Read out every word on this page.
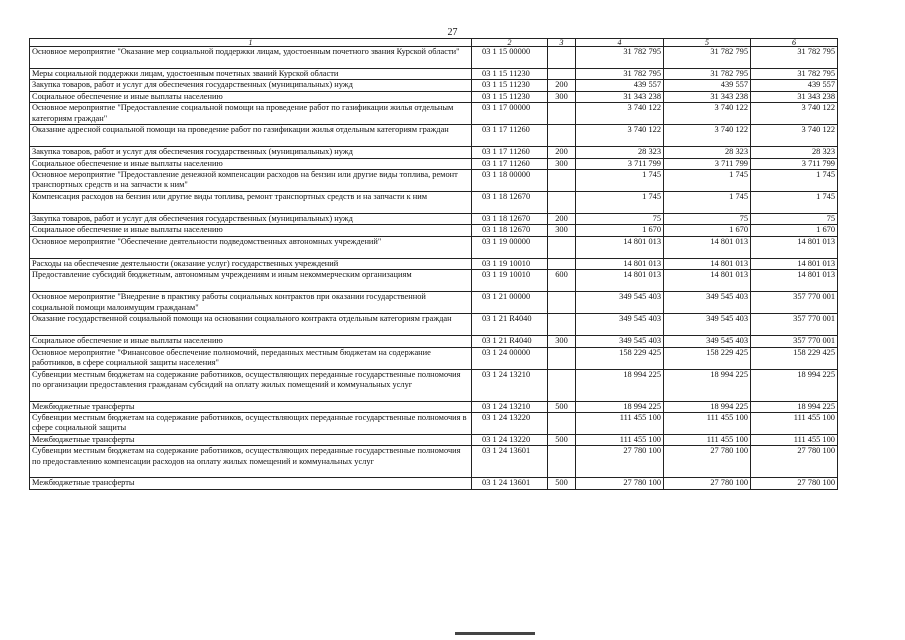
27
1	2	3	4	5	6
Основное мероприятие "Оказание мер социальной поддержки лицам, удостоенным почетного звания Курской области"	03 1 15 00000		31 782 795	31 782 795	31 782 795
Меры социальной поддержки лицам, удостоенным почетных званий Курской области	03 1 15 11230		31 782 795	31 782 795	31 782 795
Закупка товаров, работ и услуг для обеспечения государственных (муниципальных) нужд	03 1 15 11230	200	439 557	439 557	439 557
Социальное обеспечение и иные выплаты населению	03 1 15 11230	300	31 343 238	31 343 238	31 343 238
Основное мероприятие "Предоставление социальной помощи на проведение работ по газификации жилья отдельным категориям граждан"	03 1 17 00000		3 740 122	3 740 122	3 740 122
Оказание адресной социальной помощи на проведение работ по газификации жилья отдельным категориям граждан	03 1 17 11260		3 740 122	3 740 122	3 740 122
Закупка товаров, работ и услуг для обеспечения государственных (муниципальных) нужд	03 1 17 11260	200	28 323	28 323	28 323
Социальное обеспечение и иные выплаты населению	03 1 17 11260	300	3 711 799	3 711 799	3 711 799
Основное мероприятие "Предоставление денежной компенсации расходов на бензин или другие виды топлива, ремонт транспортных средств и на запчасти к ним"	03 1 18 00000		1 745	1 745	1 745
Компенсация расходов на бензин или другие виды топлива, ремонт транспортных средств и на запчасти к ним	03 1 18 12670		1 745	1 745	1 745
Закупка товаров, работ и услуг для обеспечения государственных (муниципальных) нужд	03 1 18 12670	200	75	75	75
Социальное обеспечение и иные выплаты населению	03 1 18 12670	300	1 670	1 670	1 670
Основное мероприятие "Обеспечение деятельности подведомственных автономных учреждений"	03 1 19 00000		14 801 013	14 801 013	14 801 013
Расходы на обеспечение деятельности (оказание услуг) государственных учреждений	03 1 19 10010		14 801 013	14 801 013	14 801 013
Предоставление субсидий бюджетным, автономным учреждениям и иным некоммерческим организациям	03 1 19 10010	600	14 801 013	14 801 013	14 801 013
Основное мероприятие "Внедрение в практику работы социальных контрактов при оказании государственной социальной помощи малоимущим гражданам"	03 1 21 00000		349 545 403	349 545 403	357 770 001
Оказание государственной социальной помощи на основании социального контракта отдельным категориям граждан	03 1 21 R4040		349 545 403	349 545 403	357 770 001
Социальное обеспечение и иные выплаты населению	03 1 21 R4040	300	349 545 403	349 545 403	357 770 001
Основное мероприятие "Финансовое обеспечение полномочий, переданных местным бюджетам на содержание работников, в сфере социальной защиты населения"	03 1 24 00000		158 229 425	158 229 425	158 229 425
Субвенции местным бюджетам на содержание работников, осуществляющих переданные государственные полномочия по организации предоставления гражданам субсидий на оплату жилых помещений и коммунальных услуг	03 1 24 13210		18 994 225	18 994 225	18 994 225
Межбюджетные трансферты	03 1 24 13210	500	18 994 225	18 994 225	18 994 225
Субвенции местным бюджетам на содержание работников, осуществляющих переданные государственные полномочия в сфере социальной защиты	03 1 24 13220		111 455 100	111 455 100	111 455 100
Межбюджетные трансферты	03 1 24 13220	500	111 455 100	111 455 100	111 455 100
Субвенции местным бюджетам на содержание работников, осуществляющих переданные государственные полномочия по предоставлению компенсации расходов на оплату жилых помещений и коммунальных услуг	03 1 24 13601		27 780 100	27 780 100	27 780 100
Межбюджетные трансферты	03 1 24 13601	500	27 780 100	27 780 100	27 780 100
